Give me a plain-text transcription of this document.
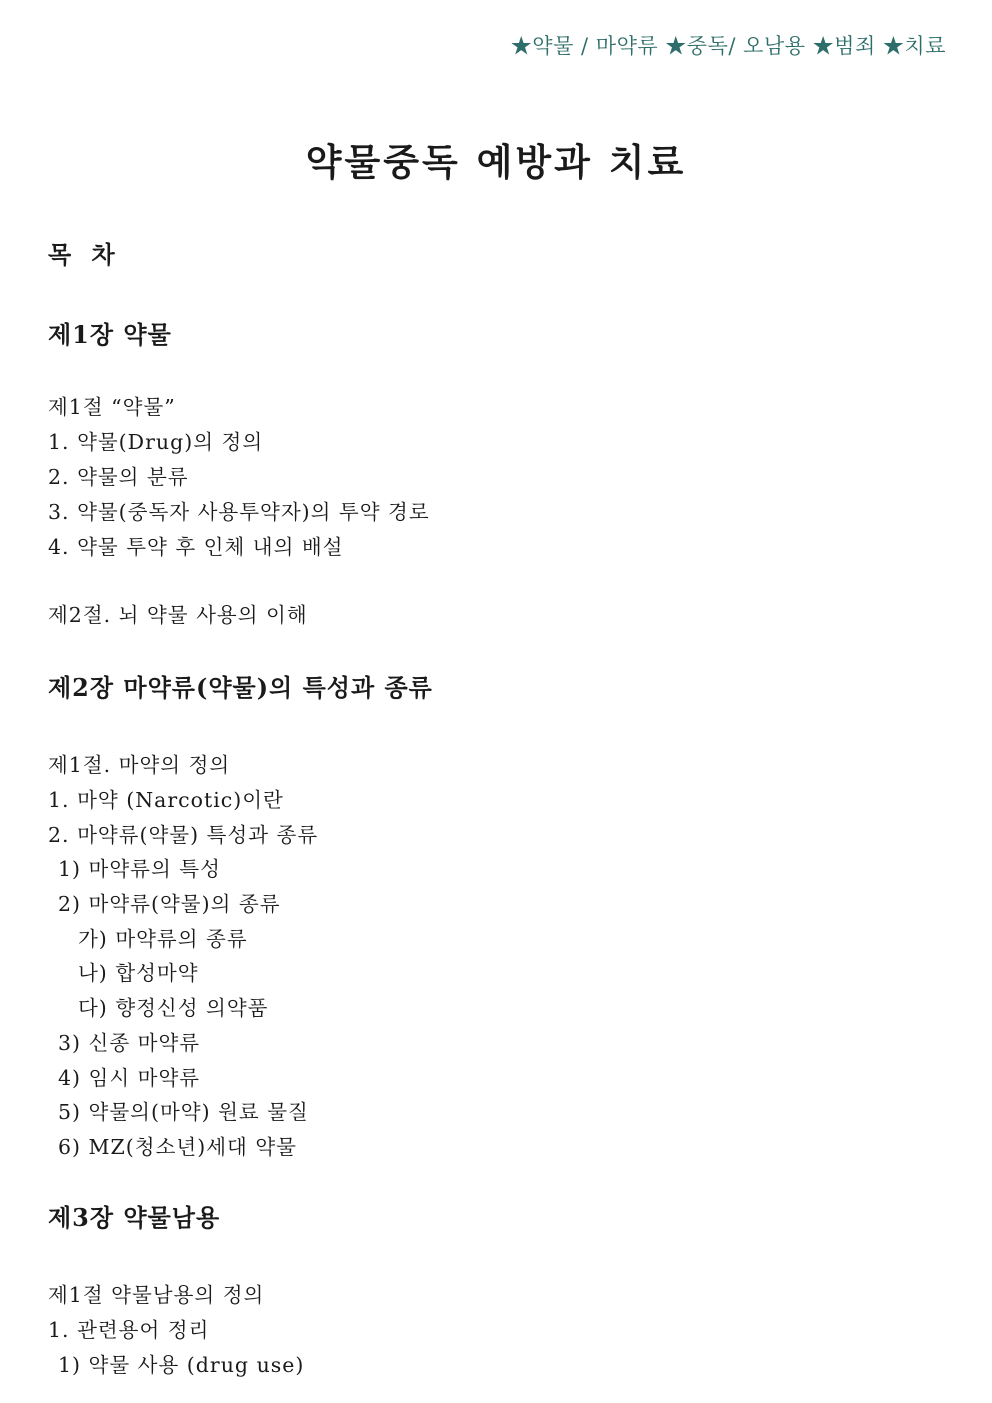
★약물 / 마약류 ★중독/ 오남용 ★범죄 ★치료
약물중독 예방과 치료
목 차
제1장 약물
제1절 “약물”
1. 약물(Drug)의 정의
2. 약물의 분류
3. 약물(중독자 사용투약자)의 투약 경로
4. 약물 투약 후 인체 내의 배설
제2절. 뇌 약물 사용의 이해
제2장 마약류(약물)의 특성과 종류
제1절. 마약의 정의
1. 마약 (Narcotic)이란
2. 마약류(약물) 특성과 종류
1) 마약류의 특성
2) 마약류(약물)의 종류
가) 마약류의 종류
나) 합성마약
다) 향정신성 의약품
3) 신종 마약류
4) 임시 마약류
5) 약물의(마약) 원료 물질
6) MZ(청소년)세대 약물
제3장 약물남용
제1절 약물남용의 정의
1. 관련용어 정리
1) 약물 사용 (drug use)
